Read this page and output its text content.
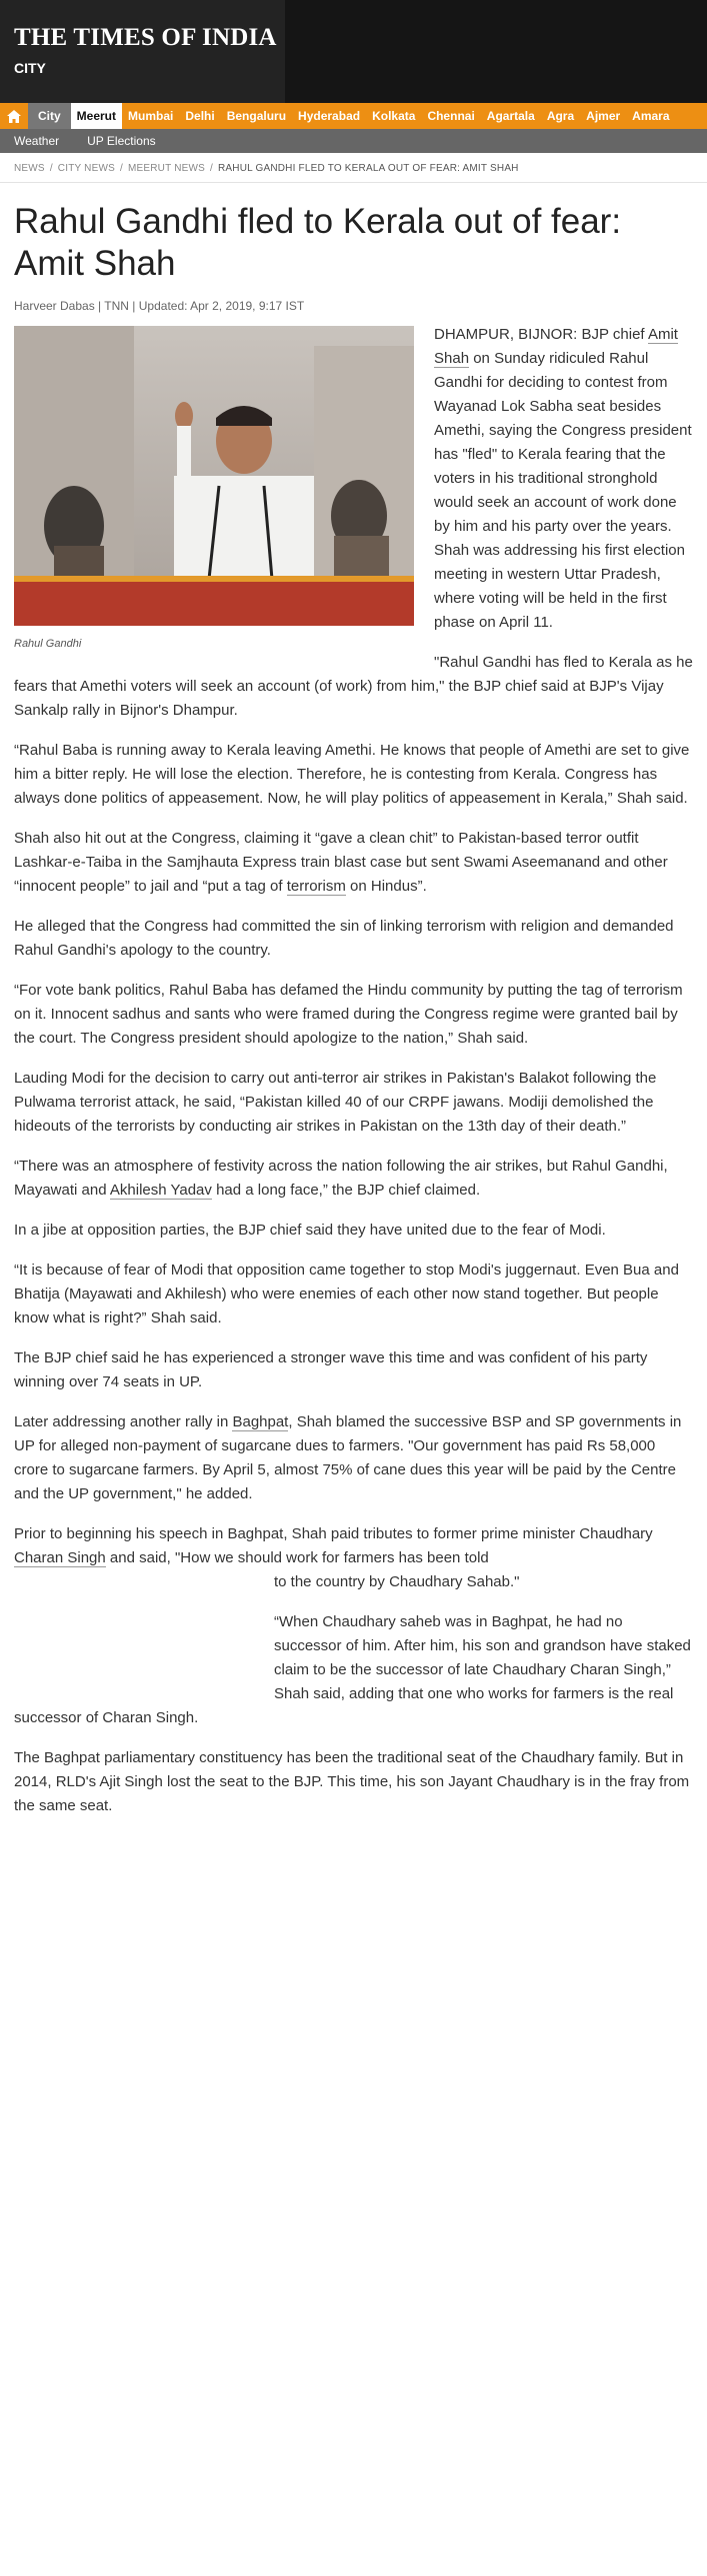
THE TIMES OF INDIA
CITY
City	Meerut	Mumbai	Delhi	Bengaluru	Hyderabad	Kolkata	Chennai	Agartala	Agra	Ajmer	Amara
Weather	UP Elections
NEWS / CITY NEWS / MEERUT NEWS / RAHUL GANDHI FLED TO KERALA OUT OF FEAR: AMIT SHAH
Rahul Gandhi fled to Kerala out of fear: Amit Shah
Harveer Dabas | TNN | Updated: Apr 2, 2019, 9:17 IST
Rahul Gandhi

DHAMPUR, BIJNOR: BJP chief Amit Shah on Sunday ridiculed Rahul Gandhi for deciding to contest from Wayanad Lok Sabha seat besides Amethi, saying the Congress president has "fled" to Kerala fearing that the voters in his traditional stronghold would seek an account of work done by him and his party over the years. Shah was addressing his first election meeting in western Uttar Pradesh, where voting will be held in the first phase on April 11.

"Rahul Gandhi has fled to Kerala as he fears that Amethi voters will seek an account (of work) from him," the BJP chief said at BJP's Vijay Sankalp rally in Bijnor's Dhampur.

“Rahul Baba is running away to Kerala leaving Amethi. He knows that people of Amethi are set to give him a bitter reply. He will lose the election. Therefore, he is contesting from Kerala. Congress has always done politics of appeasement. Now, he will play politics of appeasement in Kerala,” Shah said.

Shah also hit out at the Congress, claiming it “gave a clean chit” to Pakistan-based terror outfit Lashkar-e-Taiba in the Samjhauta Express train blast case but sent Swami Aseemanand and other “innocent people” to jail and “put a tag of terrorism on Hindus”.

He alleged that the Congress had committed the sin of linking terrorism with religion and demanded Rahul Gandhi's apology to the country.

“For vote bank politics, Rahul Baba has defamed the Hindu community by putting the tag of terrorism on it. Innocent sadhus and sants who were framed during the Congress regime were granted bail by the court. The Congress president should apologize to the nation,” Shah said.

Lauding Modi for the decision to carry out anti-terror air strikes in Pakistan's Balakot following the Pulwama terrorist attack, he said, “Pakistan killed 40 of our CRPF jawans. Modiji demolished the hideouts of the terrorists by conducting air strikes in Pakistan on the 13th day of their death.”

“There was an atmosphere of festivity across the nation following the air strikes, but Rahul Gandhi, Mayawati and Akhilesh Yadav had a long face,” the BJP chief claimed.

In a jibe at opposition parties, the BJP chief said they have united due to the fear of Modi.

“It is because of fear of Modi that opposition came together to stop Modi's juggernaut. Even Bua and Bhatija (Mayawati and Akhilesh) who were enemies of each other now stand together. But people know what is right?” Shah said.

The BJP chief said he has experienced a stronger wave this time and was confident of his party winning over 74 seats in UP.

Later addressing another rally in Baghpat, Shah blamed the successive BSP and SP governments in UP for alleged non-payment of sugarcane dues to farmers. "Our government has paid Rs 58,000 crore to sugarcane farmers. By April 5, almost 75% of cane dues this year will be paid by the Centre and the UP government," he added.

Prior to beginning his speech in Baghpat, Shah paid tributes to former prime minister Chaudhary Charan Singh and said, "How we should work for farmers has been told
to the country by Chaudhary Sahab."

“When Chaudhary saheb was in Baghpat, he had no successor of him. After him, his son and grandson have staked claim to be the successor of late Chaudhary Charan Singh,” Shah said, adding that one who works for farmers is the real
successor of Charan Singh.

The Baghpat parliamentary constituency has been the traditional seat of the Chaudhary family. But in 2014, RLD's Ajit Singh lost the seat to the BJP. This time, his son Jayant Chaudhary is in the fray from the same seat.
